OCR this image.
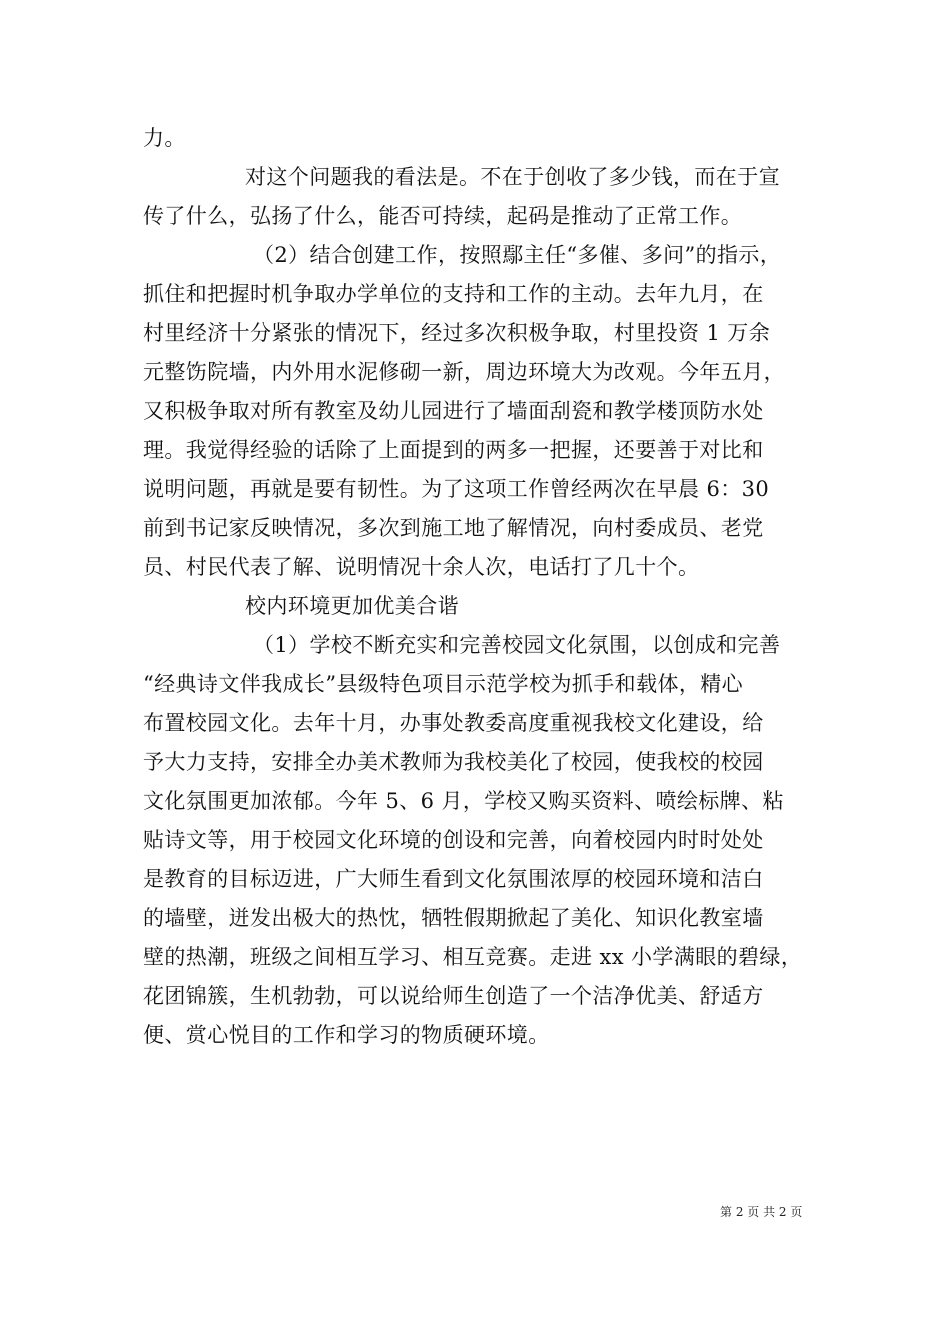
力。
对这个问题我的看法是。不在于创收了多少钱，而在于宣
传了什么，弘扬了什么，能否可持续，起码是推动了正常工作。
（2）结合创建工作，按照鄢主任“多催、多问”的指示，
抓住和把握时机争取办学单位的支持和工作的主动。去年九月，在
村里经济十分紧张的情况下，经过多次积极争取，村里投资 1 万余
元整饬院墙，内外用水泥修砌一新，周边环境大为改观。今年五月，
又积极争取对所有教室及幼儿园进行了墙面刮瓷和教学楼顶防水处
理。我觉得经验的话除了上面提到的两多一把握，还要善于对比和
说明问题，再就是要有韧性。为了这项工作曾经两次在早晨 6：30
前到书记家反映情况，多次到施工地了解情况，向村委成员、老党
员、村民代表了解、说明情况十余人次，电话打了几十个。
校内环境更加优美合谐
（1）学校不断充实和完善校园文化氛围，以创成和完善
“经典诗文伴我成长”县级特色项目示范学校为抓手和载体，精心
布置校园文化。去年十月，办事处教委高度重视我校文化建设，给
予大力支持，安排全办美术教师为我校美化了校园，使我校的校园
文化氛围更加浓郁。今年 5、6 月，学校又购买资料、喷绘标牌、粘
贴诗文等，用于校园文化环境的创设和完善，向着校园内时时处处
是教育的目标迈进，广大师生看到文化氛围浓厚的校园环境和洁白
的墙壁，迸发出极大的热忱，牺牲假期掀起了美化、知识化教室墙
壁的热潮，班级之间相互学习、相互竞赛。走进 xx 小学满眼的碧绿，
花团锦簇，生机勃勃，可以说给师生创造了一个洁净优美、舒适方
便、赏心悦目的工作和学习的物质硬环境。
第 2 页 共 2 页
